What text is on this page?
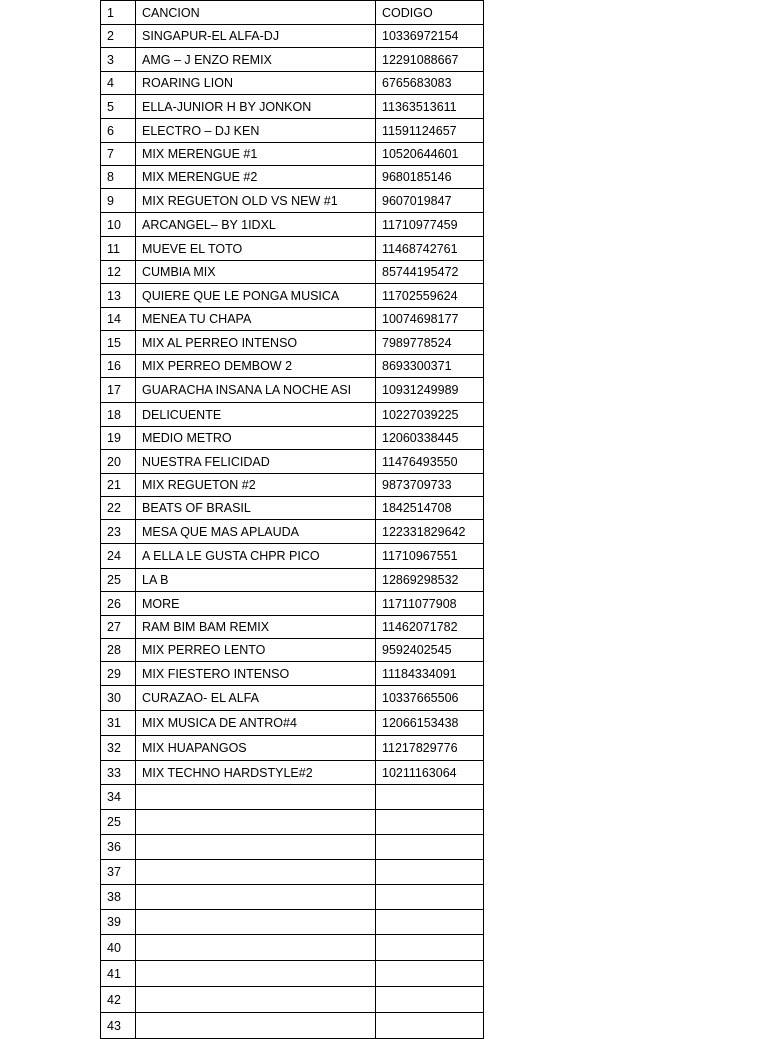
1	CANCION	CODIGO
2	SINGAPUR-EL ALFA-DJ	10336972154
3	AMG – J ENZO REMIX	12291088667
4	ROARING LION	6765683083
5	ELLA-JUNIOR H BY JONKON	11363513611
6	ELECTRO – DJ KEN	11591124657
7	MIX MERENGUE #1	10520644601
8	MIX MERENGUE #2	9680185146
9	MIX REGUETON OLD VS NEW #1	9607019847
10	ARCANGEL– BY 1IDXL	11710977459
11	MUEVE EL TOTO	11468742761
12	CUMBIA MIX	85744195472
13	QUIERE QUE LE PONGA MUSICA	11702559624
14	MENEA TU CHAPA	10074698177
15	MIX AL PERREO INTENSO	7989778524
16	MIX PERREO DEMBOW 2	8693300371
17	GUARACHA INSANA LA NOCHE ASI	10931249989
18	DELICUENTE	10227039225
19	MEDIO METRO	12060338445
20	NUESTRA FELICIDAD	11476493550
21	MIX REGUETON #2	9873709733
22	BEATS OF BRASIL	1842514708
23	MESA QUE MAS APLAUDA	122331829642
24	A ELLA LE GUSTA CHPR PICO	11710967551
25	LA B	12869298532
26	MORE	11711077908
27	RAM BIM BAM REMIX	11462071782
28	MIX PERREO LENTO	9592402545
29	MIX FIESTERO INTENSO	11184334091
30	CURAZAO- EL ALFA	10337665506
31	MIX MUSICA DE ANTRO#4	12066153438
32	MIX HUAPANGOS	11217829776
33	MIX TECHNO HARDSTYLE#2	10211163064
34		
25		
36		
37		
38		
39		
40		
41		
42		
43		
